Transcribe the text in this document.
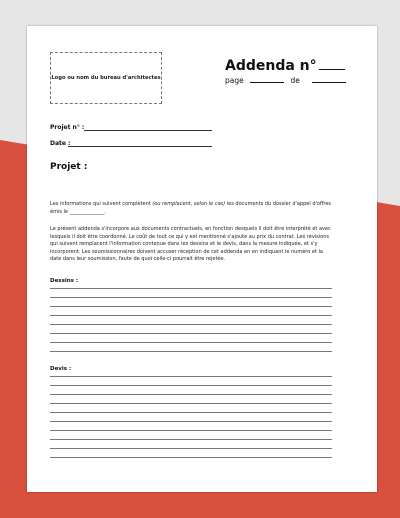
Logo ou nom du bureau d'architectes
Addenda n°
page	de
Projet n° :
Date :
Projet :
Les informations qui suivent complètent (ou remplacent, selon le cas) les documents du dossier d'appel d'offres émis le ______________.
Le présent addenda s'incorpore aux documents contractuels, en fonction desquels il doit être interprété et avec lesquels il doit être coordonné. Le coût de tout ce qui y est mentionné s'ajoute au prix du contrat. Les révisions qui suivent remplacent l'information contenue dans les dessins et le devis, dans la mesure indiquée, et s'y incorporent. Les soumissionnaires doivent accuser réception de cet addenda en en indiquant le numéro et la date dans leur soumission, faute de quoi celle-ci pourrait être rejetée.
Dessins :
Devis :
